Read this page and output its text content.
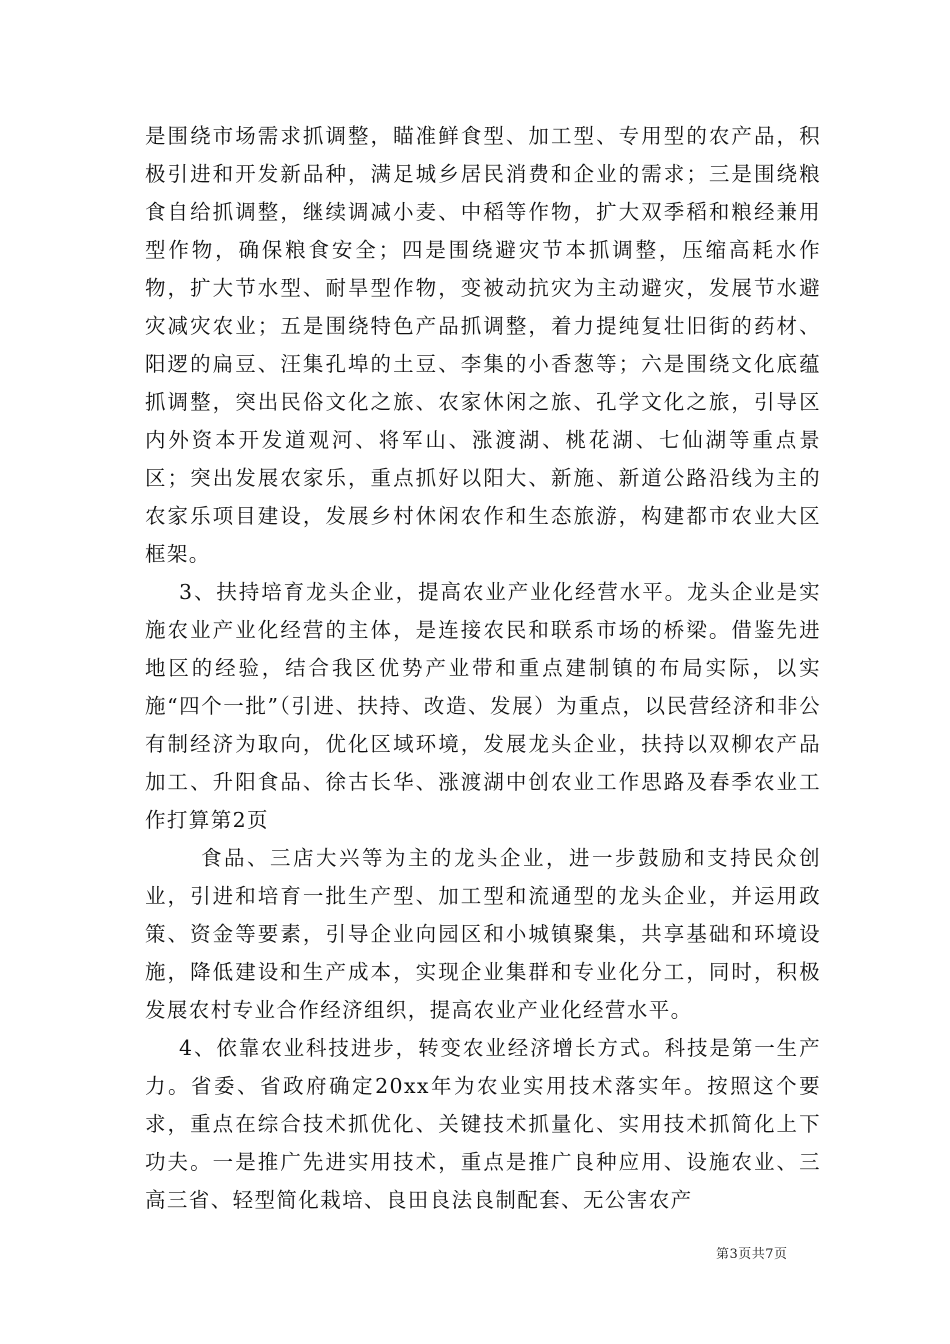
是围绕市场需求抓调整，瞄准鲜食型、加工型、专用型的农产品，积极引进和开发新品种，满足城乡居民消费和企业的需求；三是围绕粮食自给抓调整，继续调减小麦、中稻等作物，扩大双季稻和粮经兼用型作物，确保粮食安全；四是围绕避灾节本抓调整，压缩高耗水作物，扩大节水型、耐旱型作物，变被动抗灾为主动避灾，发展节水避灾减灾农业；五是围绕特色产品抓调整，着力提纯复壮旧街的药材、阳逻的扁豆、汪集孔埠的土豆、李集的小香葱等；六是围绕文化底蕴抓调整，突出民俗文化之旅、农家休闲之旅、孔学文化之旅，引导区内外资本开发道观河、将军山、涨渡湖、桃花湖、七仙湖等重点景区；突出发展农家乐，重点抓好以阳大、新施、新道公路沿线为主的农家乐项目建设，发展乡村休闲农作和生态旅游，构建都市农业大区框架。

3、扶持培育龙头企业，提高农业产业化经营水平。龙头企业是实施农业产业化经营的主体，是连接农民和联系市场的桥梁。借鉴先进地区的经验，结合我区优势产业带和重点建制镇的布局实际，以实施“四个一批”（引进、扶持、改造、发展）为重点，以民营经济和非公有制经济为取向，优化区域环境，发展龙头企业，扶持以双柳农产品加工、升阳食品、徐古长华、涨渡湖中创农业工作思路及春季农业工作打算第2页

食品、三店大兴等为主的龙头企业，进一步鼓励和支持民众创业，引进和培育一批生产型、加工型和流通型的龙头企业，并运用政策、资金等要素，引导企业向园区和小城镇聚集，共享基础和环境设施，降低建设和生产成本，实现企业集群和专业化分工，同时，积极发展农村专业合作经济组织，提高农业产业化经营水平。

4、依靠农业科技进步，转变农业经济增长方式。科技是第一生产力。省委、省政府确定20xx年为农业实用技术落实年。按照这个要求，重点在综合技术抓优化、关键技术抓量化、实用技术抓简化上下功夫。一是推广先进实用技术，重点是推广良种应用、设施农业、三高三省、轻型简化栽培、良田良法良制配套、无公害农产

第3页共7页
